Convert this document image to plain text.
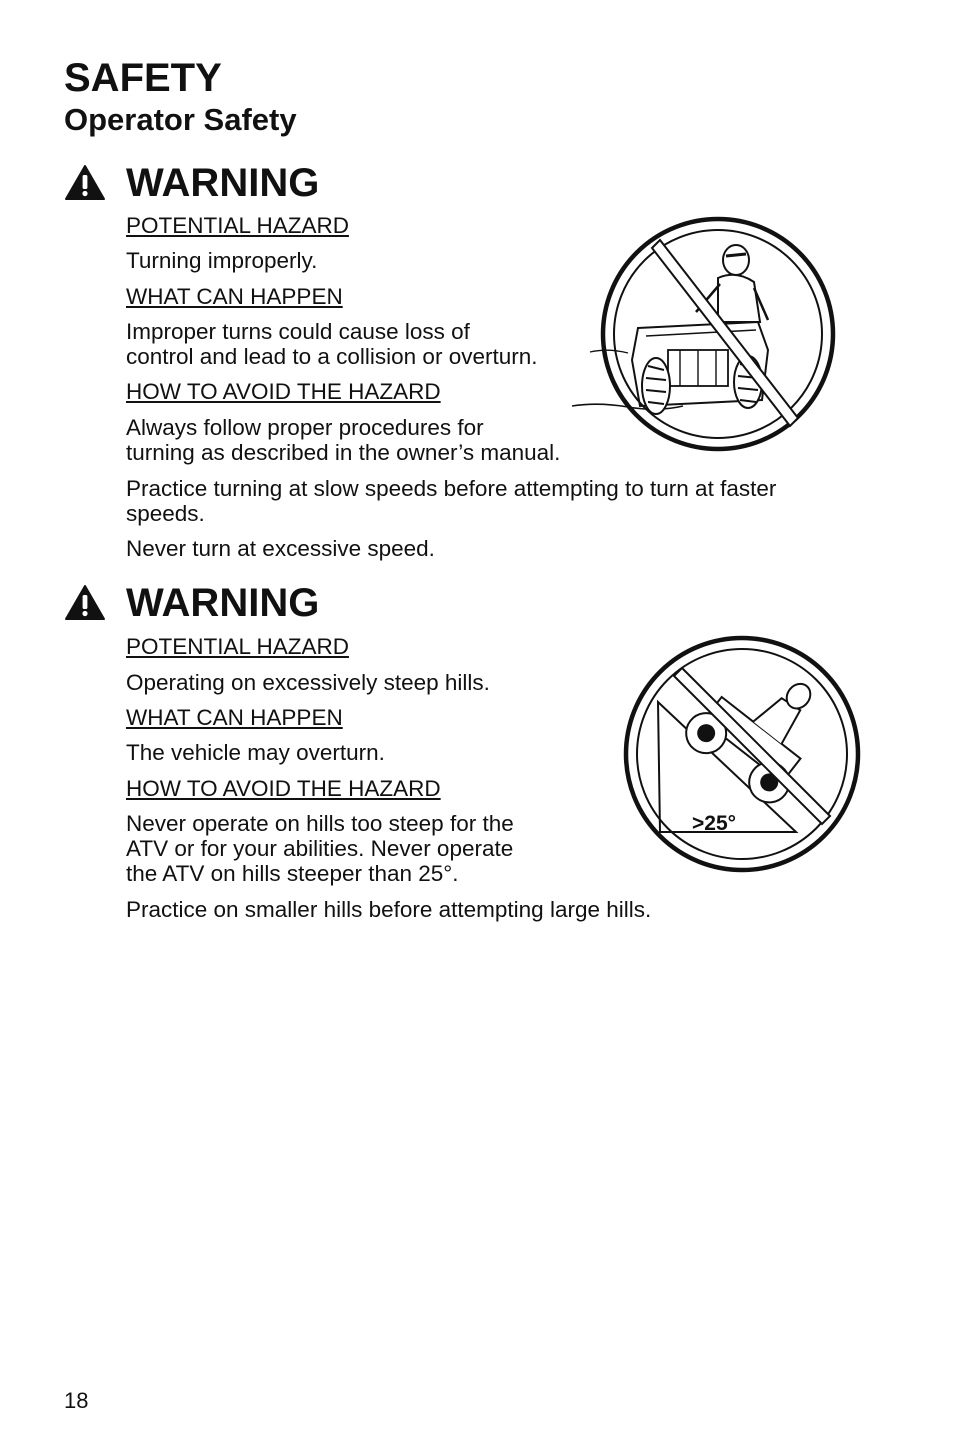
SAFETY
Operator Safety
WARNING
POTENTIAL HAZARD
Turning improperly.
WHAT CAN HAPPEN
Improper turns could cause loss of
control and lead to a collision or overturn.
HOW TO AVOID THE HAZARD
Always follow proper procedures for
turning as described in the owner’s manual.
Practice turning at slow speeds before attempting to turn at faster
speeds.
Never turn at excessive speed.
WARNING
POTENTIAL HAZARD
Operating on excessively steep hills.
WHAT CAN HAPPEN
The vehicle may overturn.
HOW TO AVOID THE HAZARD
Never operate on hills too steep for the
ATV or for your abilities. Never operate
the ATV on hills steeper than 25°.
Practice on smaller hills before attempting large hills.
>25°
18
